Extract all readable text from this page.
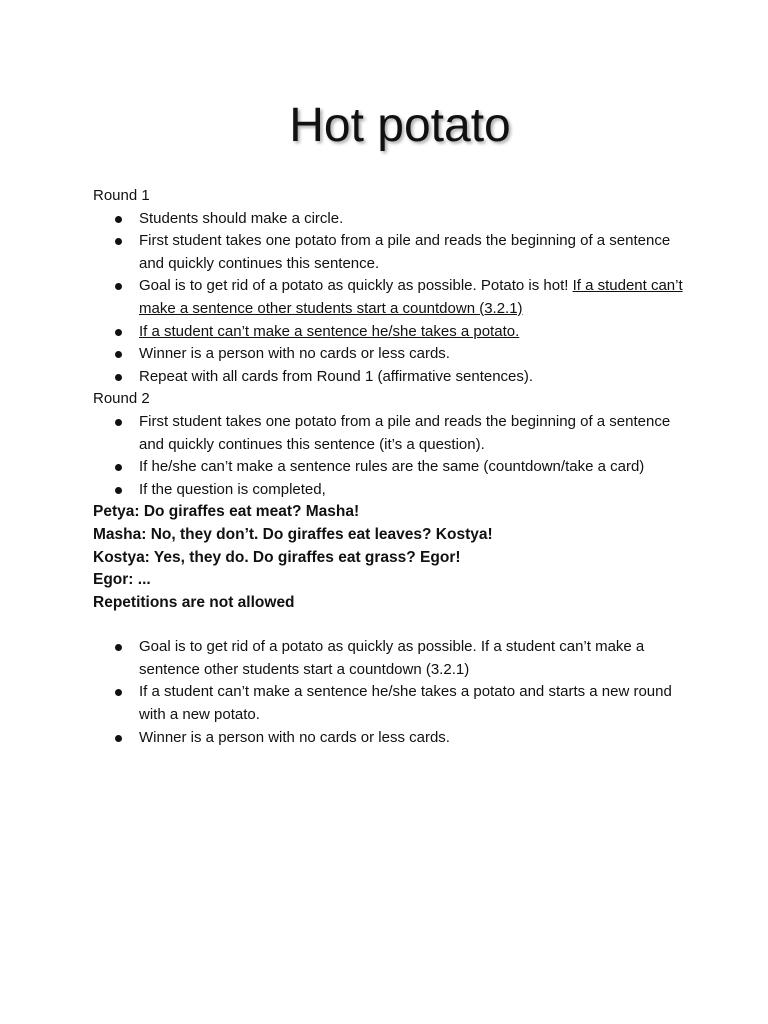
Hot potato

Round 1

Students should make a circle.
First student takes one potato from a pile and reads the beginning of a sentence and quickly continues this sentence.
Goal is to get rid of a potato as quickly as possible. Potato is hot! If a student can’t make a sentence other students start a countdown (3.2.1)
If a student can’t make a sentence he/she takes a potato.
Winner is a person with no cards or less cards.
Repeat with all cards from Round 1 (affirmative sentences).

Round 2

First student takes one potato from a pile and reads the beginning of a sentence and quickly continues this sentence (it’s a question).
If he/she can’t make a sentence rules are the same (countdown/take a card)
If the question is completed,

Petya: Do giraffes eat meat? Masha!

Masha: No, they don’t. Do giraffes eat leaves? Kostya!

Kostya: Yes, they do. Do giraffes eat grass? Egor!

Egor: ...

Repetitions are not allowed

Goal is to get rid of a potato as quickly as possible. If a student can’t make a sentence other students start a countdown (3.2.1)
If a student can’t make a sentence he/she takes a potato and starts a new round with a new potato.
Winner is a person with no cards or less cards.
